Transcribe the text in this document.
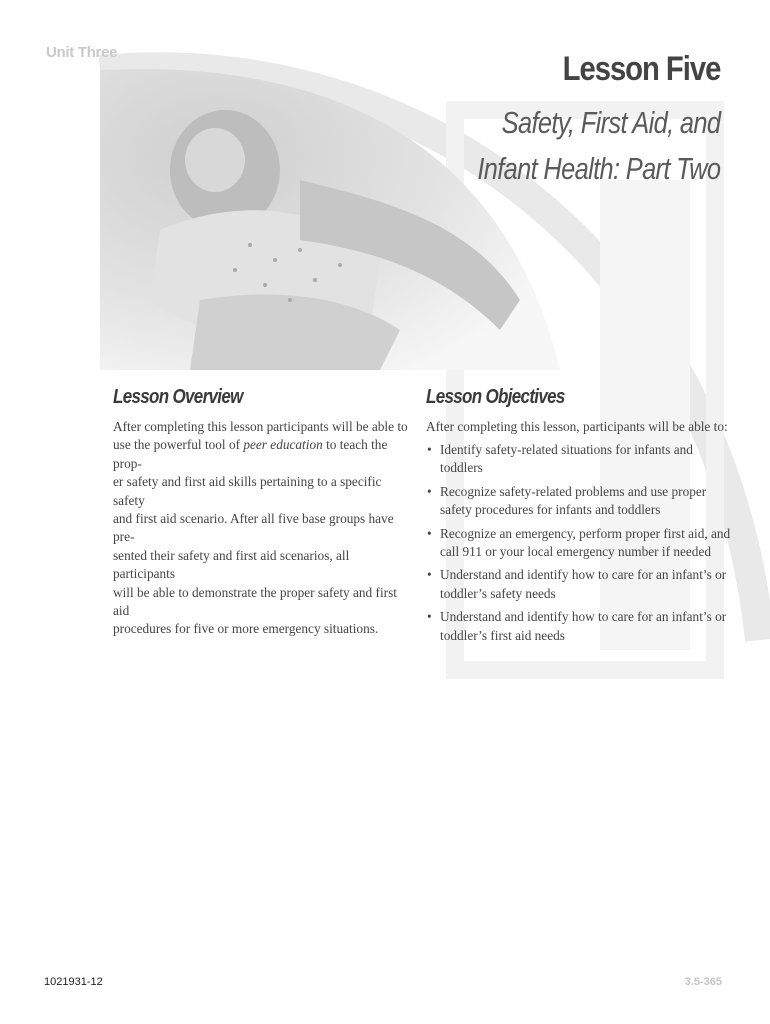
Unit Three	Lesson Five
Safety, First Aid, and
Infant Health: Part Two
Lesson Overview
After completing this lesson participants will be able to
use the powerful tool of peer education to teach the prop-
er safety and first aid skills pertaining to a specific safety
and first aid scenario. After all five base groups have pre-
sented their safety and first aid scenarios, all participants
will be able to demonstrate the proper safety and first aid
procedures for five or more emergency situations.
Lesson Objectives
After completing this lesson, participants will be able to:
• Identify safety-related situations for infants and toddlers
• Recognize safety-related problems and use proper safety procedures for infants and toddlers
• Recognize an emergency, perform proper first aid, and call 911 or your local emergency number if needed
• Understand and identify how to care for an infant’s or toddler’s safety needs
• Understand and identify how to care for an infant’s or toddler’s first aid needs
1021931-12	3.5-365
